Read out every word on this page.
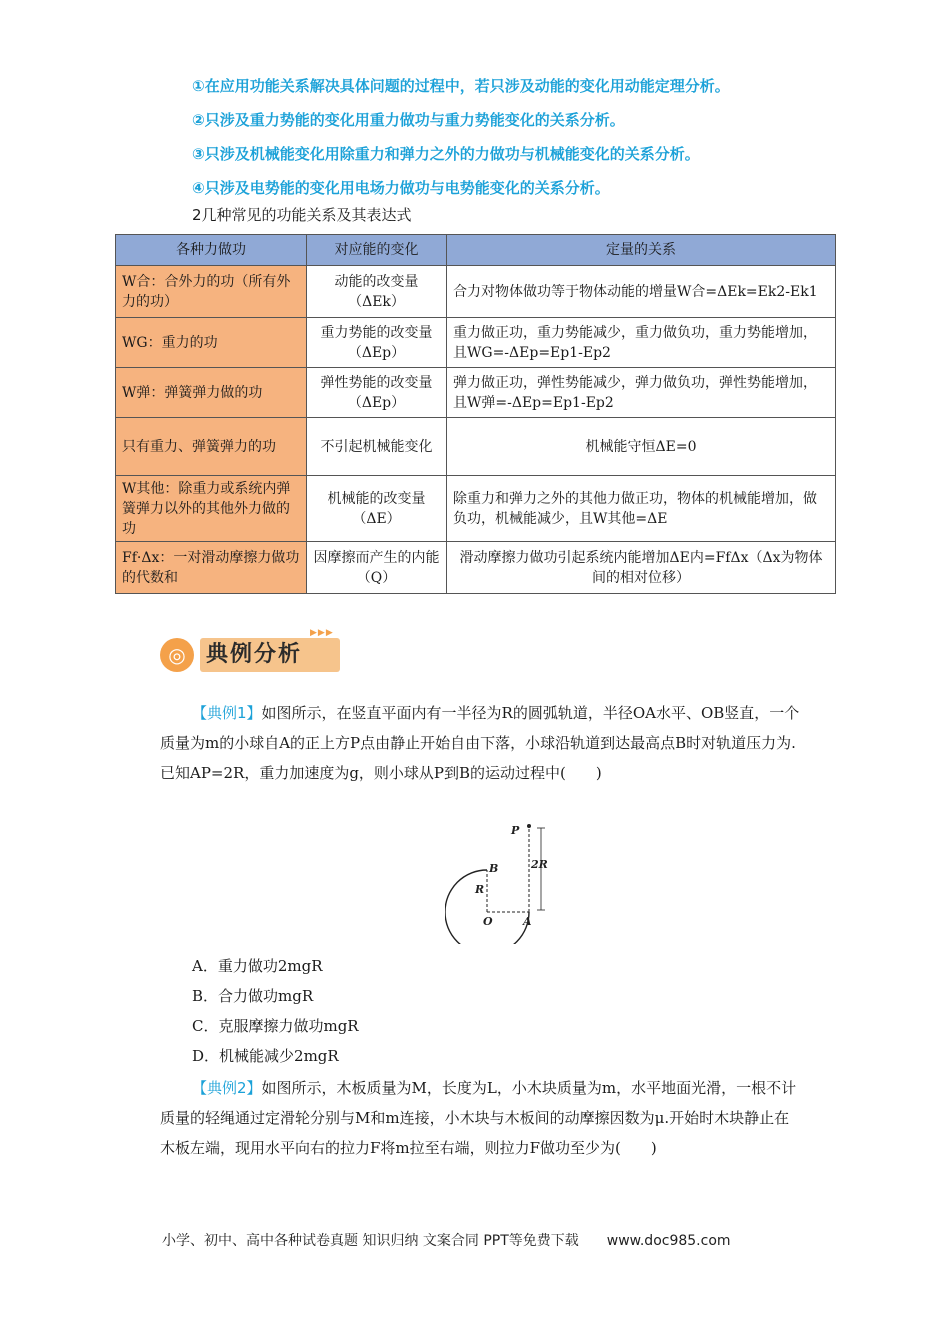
①在应用功能关系解决具体问题的过程中，若只涉及动能的变化用动能定理分析。
②只涉及重力势能的变化用重力做功与重力势能变化的关系分析。
③只涉及机械能变化用除重力和弹力之外的力做功与机械能变化的关系分析。
④只涉及电势能的变化用电场力做功与电势能变化的关系分析。
2几种常见的功能关系及其表达式
各种力做功	对应能的变化	定量的关系
W合：合外力的功（所有外力的功）	动能的改变量（ΔEk）	合力对物体做功等于物体动能的增量W合=ΔEk=Ek2-Ek1
WG：重力的功	重力势能的改变量（ΔEp）	重力做正功，重力势能减少，重力做负功，重力势能增加，且WG=-ΔEp=Ep1-Ep2
W弹：弹簧弹力做的功	弹性势能的改变量（ΔEp）	弹力做正功，弹性势能减少，弹力做负功，弹性势能增加，且W弹=-ΔEp=Ep1-Ep2
只有重力、弹簧弹力的功	不引起机械能变化	机械能守恒ΔE=0
W其他：除重力或系统内弹簧弹力以外的其他外力做的功	机械能的改变量（ΔE）	除重力和弹力之外的其他力做正功，物体的机械能增加，做负功，机械能减少，且W其他=ΔE
Ff·Δx：一对滑动摩擦力做功的代数和	因摩擦而产生的内能（Q）	滑动摩擦力做功引起系统内能增加ΔE内=FfΔx（Δx为物体间的相对位移）
◎ 典例分析
▶▶▶
【典例1】如图所示，在竖直平面内有一半径为R的圆弧轨道，半径OA水平、OB竖直，一个质量为m的小球自A的正上方P点由静止开始自由下落，小球沿轨道到达最高点B时对轨道压力为.已知AP=2R，重力加速度为g，则小球从P到B的运动过程中(　　)
P
B
R
2R
O	A
A．重力做功2mgR
B．合力做功mgR
C．克服摩擦力做功mgR
D．机械能减少2mgR
【典例2】如图所示，木板质量为M，长度为L，小木块质量为m，水平地面光滑，一根不计质量的轻绳通过定滑轮分别与M和m连接，小木块与木板间的动摩擦因数为μ.开始时木块静止在木板左端，现用水平向右的拉力F将m拉至右端，则拉力F做功至少为(　　)
小学、初中、高中各种试卷真题 知识归纳 文案合同 PPT等免费下载　　www.doc985.com
